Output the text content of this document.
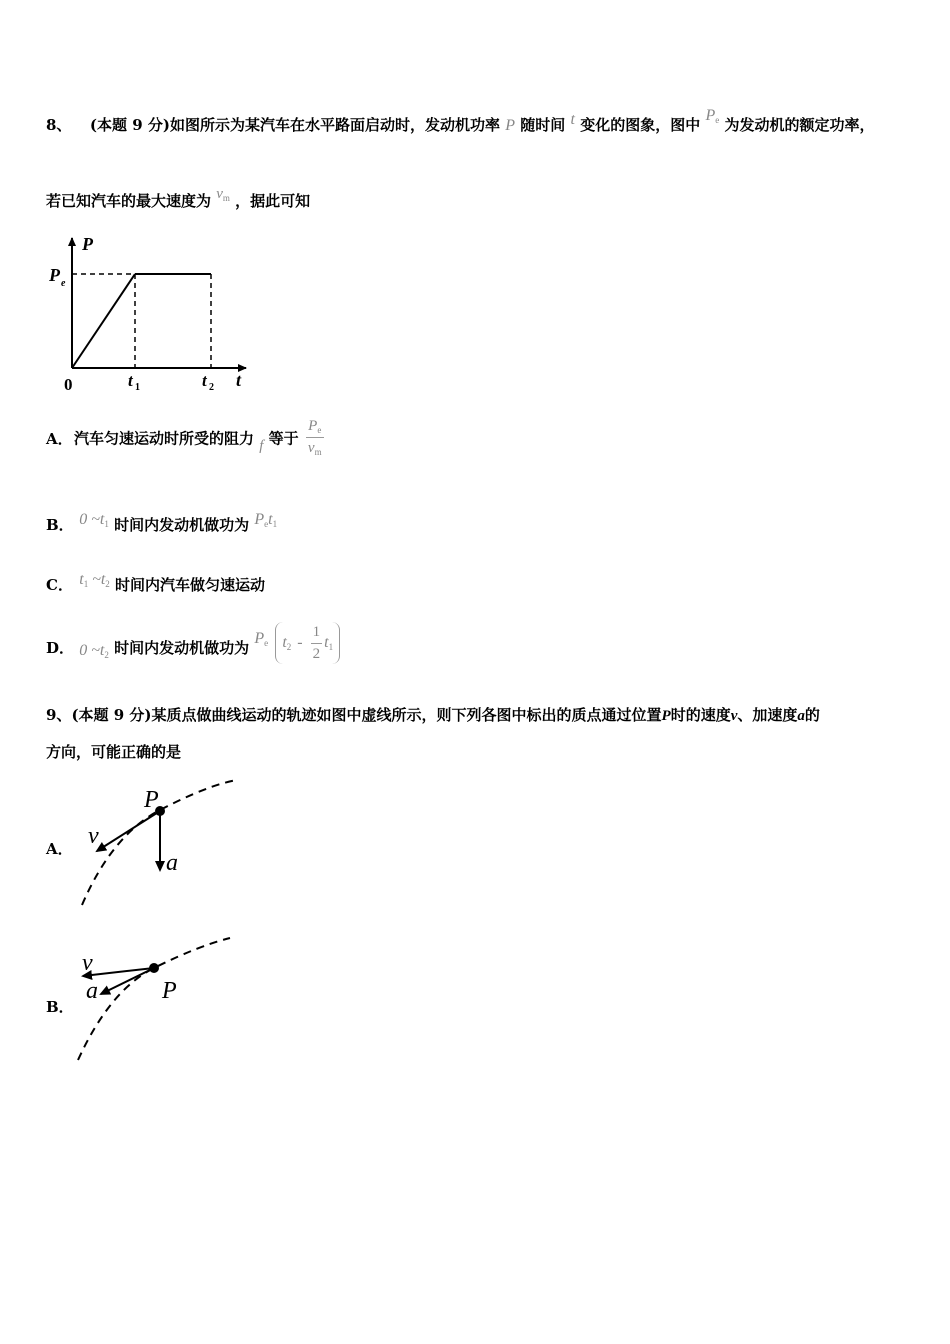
8、 (本题 9 分)如图所示为某汽车在水平路面启动时，发动机功率 P 随时间 t 变化的图象，图中 $P_e$ 为发动机的额定功率，
若已知汽车的最大速度为 $v_m$ ，据此可知
P
t
0
P e
t 1	t 2
A．汽车匀速运动时所受的阻力 f 等于 $\frac{P_e}{v_m}$
B． 0 $\sim t_1$ 时间内发动机做功为 $P_et_1$
C． $t_1$ $\sim t_2$ 时间内汽车做匀速运动
D． 0 $\sim t_2$ 时间内发动机做功为 $P_e$ $t_2 - \frac{1}{2} t_1$
9、(本题 9 分)某质点做曲线运动的轨迹如图中虚线所示，则下列各图中标出的质点通过位置P时的速度v、加速度a的
方向，可能正确的是
A．
P
v
a
B．
v
a	P
